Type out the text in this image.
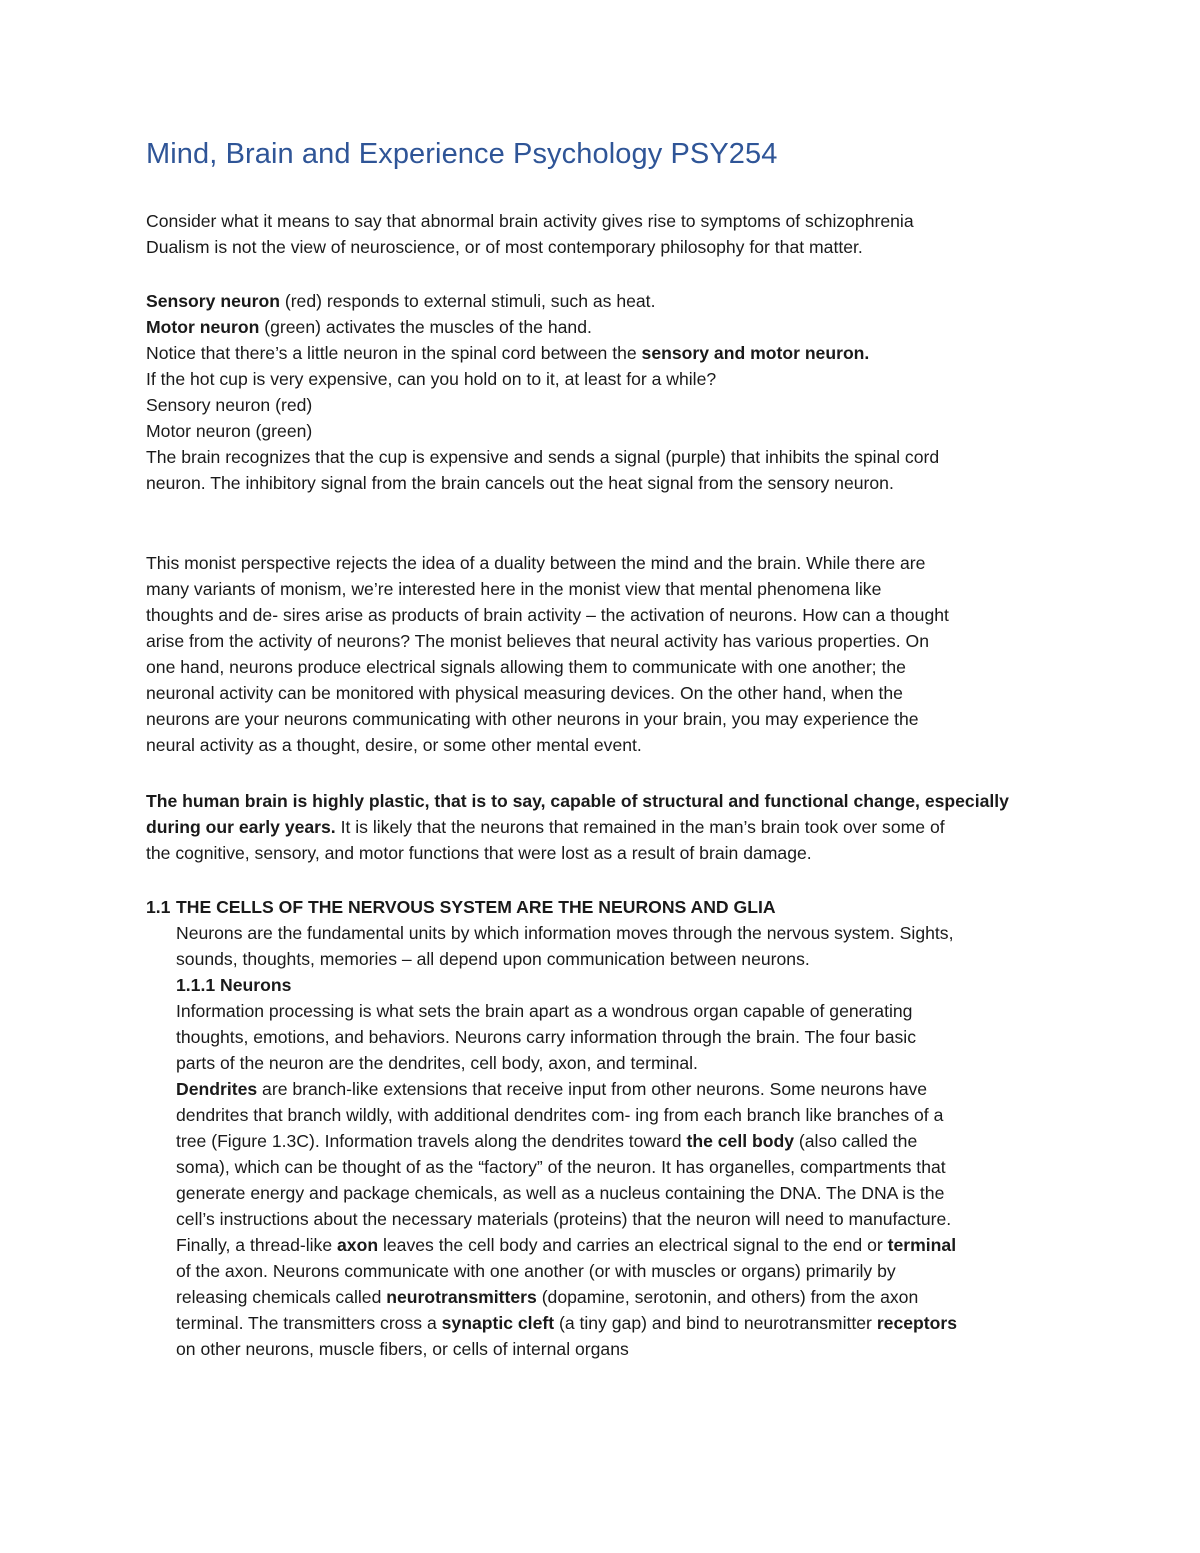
Mind, Brain and Experience Psychology PSY254
Consider what it means to say that abnormal brain activity gives rise to symptoms of schizophrenia
Dualism is not the view of neuroscience, or of most contemporary philosophy for that matter.
Sensory neuron (red) responds to external stimuli, such as heat.
Motor neuron (green) activates the muscles of the hand.
Notice that there’s a little neuron in the spinal cord between the sensory and motor neuron.
If the hot cup is very expensive, can you hold on to it, at least for a while?
Sensory neuron (red)
Motor neuron (green)
The brain recognizes that the cup is expensive and sends a signal (purple) that inhibits the spinal cord
neuron. The inhibitory signal from the brain cancels out the heat signal from the sensory neuron.
This monist perspective rejects the idea of a duality between the mind and the brain. While there are
many variants of monism, we’re interested here in the monist view that mental phenomena like
thoughts and de- sires arise as products of brain activity – the activation of neurons. How can a thought
arise from the activity of neurons? The monist believes that neural activity has various properties. On
one hand, neurons produce electrical signals allowing them to communicate with one another; the
neuronal activity can be monitored with physical measuring devices. On the other hand, when the
neurons are your neurons communicating with other neurons in your brain, you may experience the
neural activity as a thought, desire, or some other mental event.
The human brain is highly plastic, that is to say, capable of structural and functional change, especially
during our early years. It is likely that the neurons that remained in the man’s brain took over some of
the cognitive, sensory, and motor functions that were lost as a result of brain damage.
1.1 THE CELLS OF THE NERVOUS SYSTEM ARE THE NEURONS AND GLIA
Neurons are the fundamental units by which information moves through the nervous system. Sights,
sounds, thoughts, memories – all depend upon communication between neurons.
1.1.1 Neurons
Information processing is what sets the brain apart as a wondrous organ capable of generating
thoughts, emotions, and behaviors. Neurons carry information through the brain. The four basic
parts of the neuron are the dendrites, cell body, axon, and terminal.
Dendrites are branch-like extensions that receive input from other neurons. Some neurons have
dendrites that branch wildly, with additional dendrites com- ing from each branch like branches of a
tree (Figure 1.3C). Information travels along the dendrites toward the cell body (also called the
soma), which can be thought of as the “factory” of the neuron. It has organelles, compartments that
generate energy and package chemicals, as well as a nucleus containing the DNA. The DNA is the
cell’s instructions about the necessary materials (proteins) that the neuron will need to manufacture.
Finally, a thread-like axon leaves the cell body and carries an electrical signal to the end or terminal
of the axon. Neurons communicate with one another (or with muscles or organs) primarily by
releasing chemicals called neurotransmitters (dopamine, serotonin, and others) from the axon
terminal. The transmitters cross a synaptic cleft (a tiny gap) and bind to neurotransmitter receptors
on other neurons, muscle fibers, or cells of internal organs
